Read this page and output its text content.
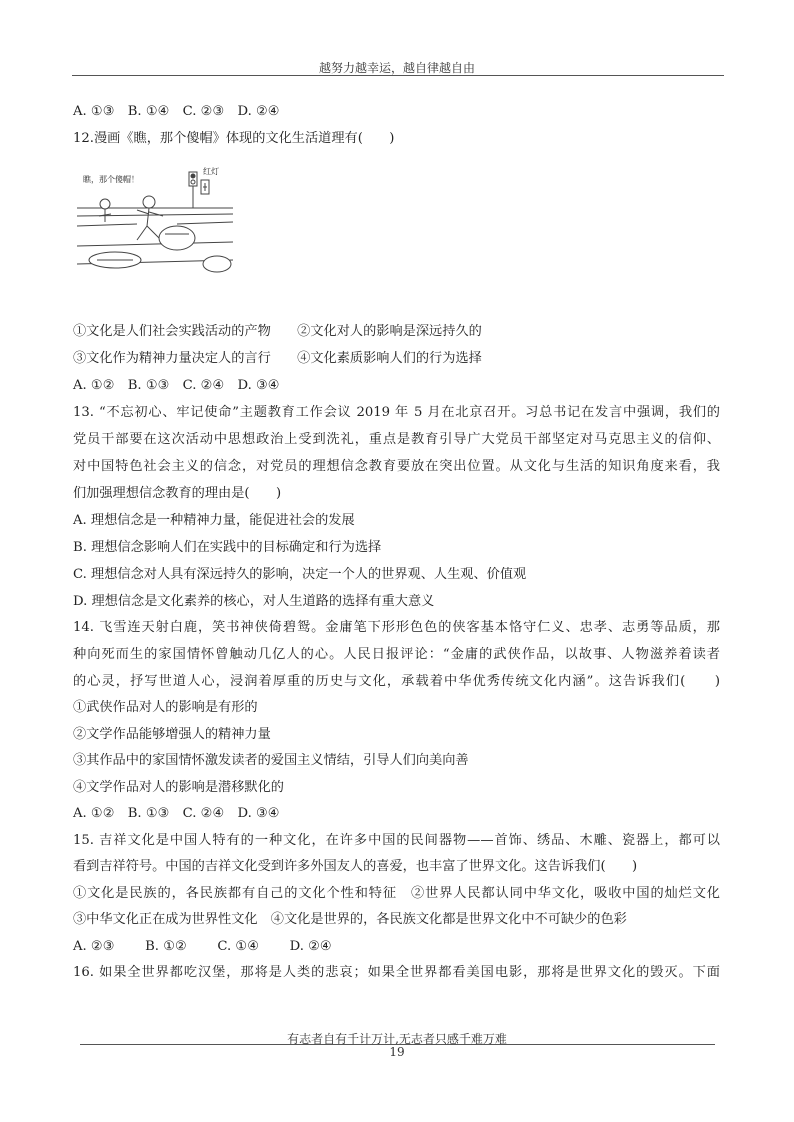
越努力越幸运，越自律越自由
A. ①③　B. ①④　C. ②③　D. ②④
12.漫画《瞧，那个傻帽》体现的文化生活道理有(　　)
瞧，那个傻帽！
红灯
①文化是人们社会实践活动的产物　　②文化对人的影响是深远持久的
③文化作为精神力量决定人的言行　　④文化素质影响人们的行为选择
A. ①②　B. ①③　C. ②④　D. ③④
13. “不忘初心、牢记使命”主题教育工作会议 2019 年 5 月在北京召开。习总书记在发言中强调，我们的
党员干部要在这次活动中思想政治上受到洗礼，重点是教育引导广大党员干部坚定对马克思主义的信仰、
对中国特色社会主义的信念，对党员的理想信念教育要放在突出位置。从文化与生活的知识角度来看，我
们加强理想信念教育的理由是(　　)
A. 理想信念是一种精神力量，能促进社会的发展
B. 理想信念影响人们在实践中的目标确定和行为选择
C. 理想信念对人具有深远持久的影响，决定一个人的世界观、人生观、价值观
D. 理想信念是文化素养的核心，对人生道路的选择有重大意义
14. 飞雪连天射白鹿，笑书神侠倚碧鸳。金庸笔下形形色色的侠客基本恪守仁义、忠孝、志勇等品质，那
种向死而生的家国情怀曾触动几亿人的心。人民日报评论：“金庸的武侠作品，以故事、人物滋养着读者
的心灵，抒写世道人心，浸润着厚重的历史与文化，承载着中华优秀传统文化内涵”。这告诉我们(　　)
①武侠作品对人的影响是有形的
②文学作品能够增强人的精神力量
③其作品中的家国情怀激发读者的爱国主义情结，引导人们向美向善
④文学作品对人的影响是潜移默化的
A. ①②　B. ①③　C. ②④　D. ③④
15. 吉祥文化是中国人特有的一种文化，在许多中国的民间器物——首饰、绣品、木雕、瓷器上，都可以
看到吉祥符号。中国的吉祥文化受到许多外国友人的喜爱，也丰富了世界文化。这告诉我们(　　)
①文化是民族的，各民族都有自己的文化个性和特征　②世界人民都认同中华文化，吸收中国的灿烂文化
③中华文化正在成为世界性文化　④文化是世界的，各民族文化都是世界文化中不可缺少的色彩
A. ②③　　 B. ①②　　 C. ①④　　 D. ②④
16. 如果全世界都吃汉堡，那将是人类的悲哀；如果全世界都看美国电影，那将是世界文化的毁灭。下面
有志者自有千计万计,无志者只感千难万难
19
